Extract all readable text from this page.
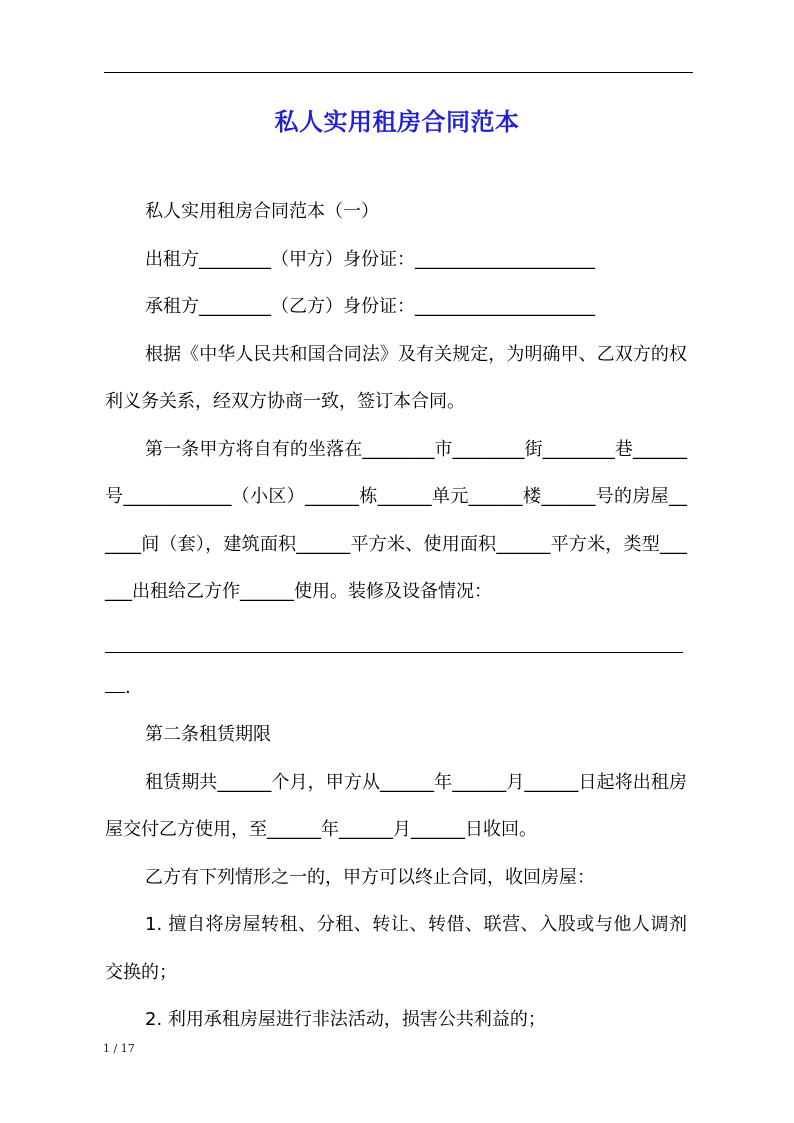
私人实用租房合同范本

私人实用租房合同范本（一）

出租方________（甲方）身份证：____________________

承租方________（乙方）身份证：____________________

根据《中华人民共和国合同法》及有关规定，为明确甲、乙双方的权利义务关系，经双方协商一致，签订本合同。

第一条甲方将自有的坐落在________市________街________巷______号____________（小区）______栋______单元______楼______号的房屋______间（套），建筑面积______平方米、使用面积______平方米，类型______出租给乙方作______使用。装修及设备情况：

.

第二条租赁期限

租赁期共______个月，甲方从______年______月______日起将出租房屋交付乙方使用，至______年______月______日收回。

乙方有下列情形之一的，甲方可以终止合同，收回房屋：

1. 擅自将房屋转租、分租、转让、转借、联营、入股或与他人调剂交换的；

2. 利用承租房屋进行非法活动，损害公共利益的；

1 / 17
